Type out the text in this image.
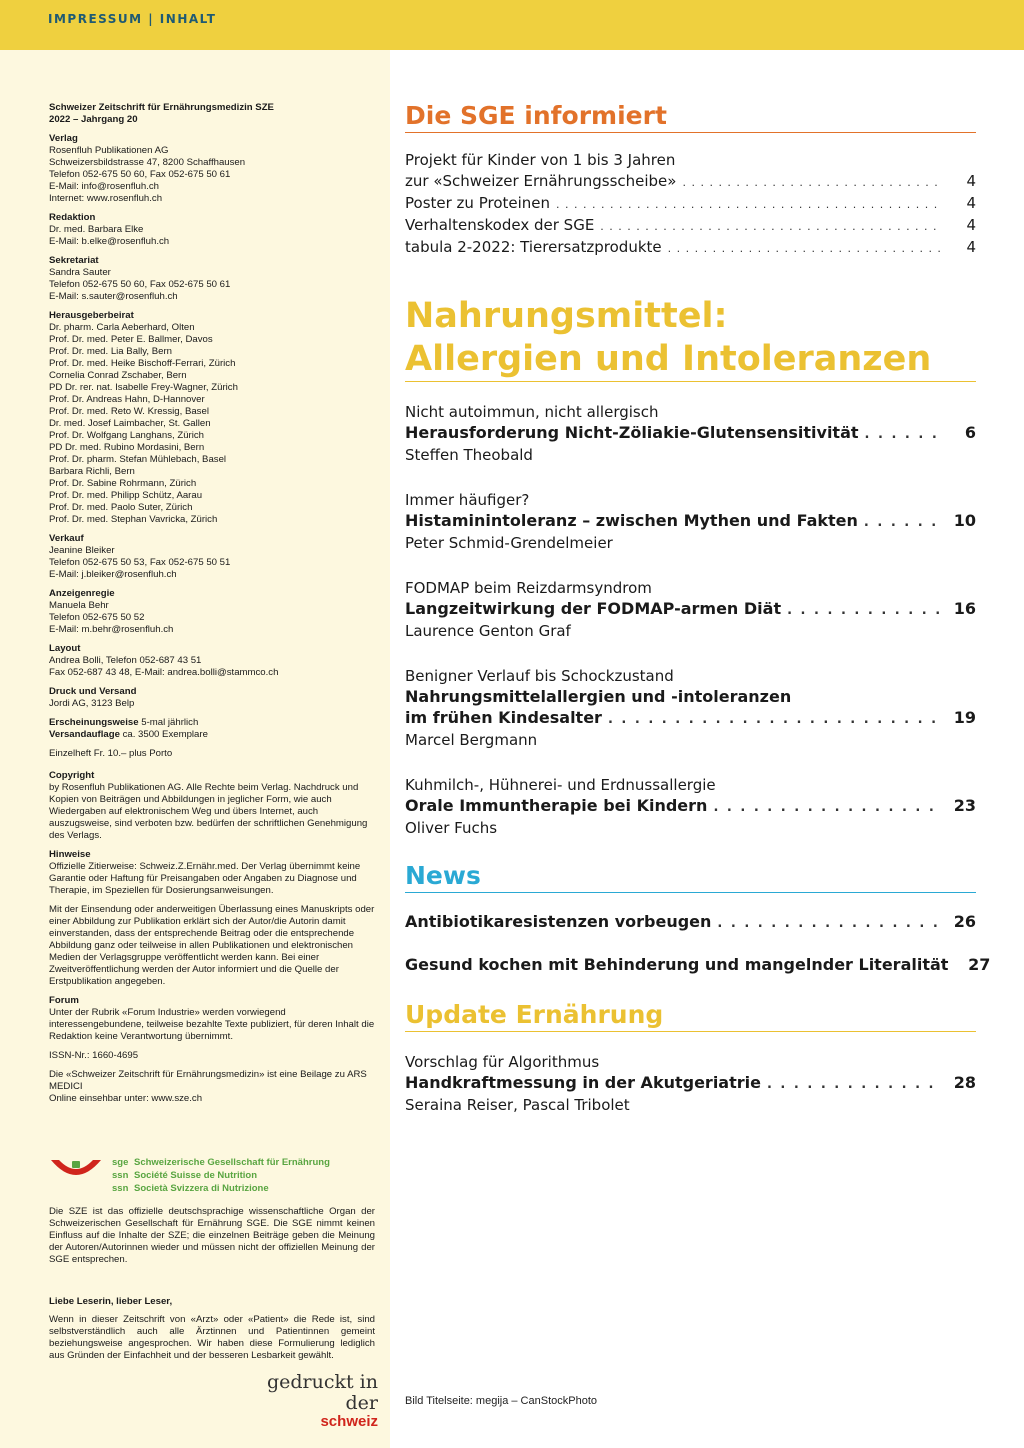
IMPRESSUM | INHALT
Schweizer Zeitschrift für Ernährungsmedizin SZE
2022 – Jahrgang 20
Verlag
Rosenfluh Publikationen AG
Schweizersbildstrasse 47, 8200 Schaffhausen
Telefon 052-675 50 60, Fax 052-675 50 61
E-Mail: info@rosenfluh.ch
Internet: www.rosenfluh.ch
Redaktion
Dr. med. Barbara Elke
E-Mail: b.elke@rosenfluh.ch
Sekretariat
Sandra Sauter
Telefon 052-675 50 60, Fax 052-675 50 61
E-Mail: s.sauter@rosenfluh.ch
Herausgeberbeirat
Dr. pharm. Carla Aeberhard, Olten
Prof. Dr. med. Peter E. Ballmer, Davos
Prof. Dr. med. Lia Bally, Bern
Prof. Dr. med. Heike Bischoff-Ferrari, Zürich
Cornelia Conrad Zschaber, Bern
PD Dr. rer. nat. Isabelle Frey-Wagner, Zürich
Prof. Dr. Andreas Hahn, D-Hannover
Prof. Dr. med. Reto W. Kressig, Basel
Dr. med. Josef Laimbacher, St. Gallen
Prof. Dr. Wolfgang Langhans, Zürich
PD Dr. med. Rubino Mordasini, Bern
Prof. Dr. pharm. Stefan Mühlebach, Basel
Barbara Richli, Bern
Prof. Dr. Sabine Rohrmann, Zürich
Prof. Dr. med. Philipp Schütz, Aarau
Prof. Dr. med. Paolo Suter, Zürich
Prof. Dr. med. Stephan Vavricka, Zürich
Verkauf
Jeanine Bleiker
Telefon 052-675 50 53, Fax 052-675 50 51
E-Mail: j.bleiker@rosenfluh.ch
Anzeigenregie
Manuela Behr
Telefon 052-675 50 52
E-Mail: m.behr@rosenfluh.ch
Layout
Andrea Bolli, Telefon 052-687 43 51
Fax 052-687 43 48, E-Mail: andrea.bolli@stammco.ch
Druck und Versand
Jordi AG, 3123 Belp
Erscheinungsweise 5-mal jährlich
Versandauflage ca. 3500 Exemplare
Einzelheft Fr. 10.– plus Porto
Copyright
by Rosenfluh Publikationen AG. Alle Rechte beim Verlag. Nachdruck und Kopien von Beiträgen und Abbildungen in jeglicher Form, wie auch Wiedergaben auf elektronischem Weg und übers Internet, auch auszugsweise, sind verboten bzw. bedürfen der schriftlichen Genehmigung des Verlags.
Hinweise
Offizielle Zitierweise: Schweiz.Z.Ernähr.med. Der Verlag übernimmt keine Garantie oder Haftung für Preisangaben oder Angaben zu Diagnose und Therapie, im Speziellen für Dosierungsanweisungen.
Mit der Einsendung oder anderweitigen Überlassung eines Manuskripts oder einer Abbildung zur Publikation erklärt sich der Autor/die Autorin damit einverstanden, dass der entsprechende Beitrag oder die entsprechende Abbildung ganz oder teilweise in allen Publikationen und elektronischen Medien der Verlagsgruppe veröffentlicht werden kann. Bei einer Zweitveröffentlichung werden der Autor informiert und die Quelle der Erstpublikation angegeben.
Forum
Unter der Rubrik «Forum Industrie» werden vorwiegend interessengebundene, teilweise bezahlte Texte publiziert, für deren Inhalt die Redaktion keine Verantwortung übernimmt.
ISSN-Nr.: 1660-4695
Die «Schweizer Zeitschrift für Ernährungsmedizin» ist eine Beilage zu ARS MEDICI
Online einsehbar unter: www.sze.ch
sge Schweizerische Gesellschaft für Ernährung
ssn Société Suisse de Nutrition
ssn Società Svizzera di Nutrizione
Die SZE ist das offizielle deutschsprachige wissenschaftliche Organ der Schweizerischen Gesellschaft für Ernährung SGE. Die SGE nimmt keinen Einfluss auf die Inhalte der SZE; die einzelnen Beiträge geben die Meinung der Autoren/Autorinnen wieder und müssen nicht der offiziellen Meinung der SGE entsprechen.
Liebe Leserin, lieber Leser,
Wenn in dieser Zeitschrift von «Arzt» oder «Patient» die Rede ist, sind selbstverständlich auch alle Ärztinnen und Patientinnen gemeint beziehungsweise angesprochen. Wir haben diese Formulierung lediglich aus Gründen der Einfachheit und der besseren Lesbarkeit gewählt.
gedruckt in der
schweiz
Die SGE informiert
Projekt für Kinder von 1 bis 3 Jahren
zur «Schweizer Ernährungsscheibe» . . .	4
Poster zu Proteinen . . .	4
Verhaltenskodex der SGE . . .	4
tabula 2-2022: Tierersatzprodukte . . .	4
Nahrungsmittel:
Allergien und Intoleranzen
Nicht autoimmun, nicht allergisch
Herausforderung Nicht-Zöliakie-Glutensensitivität . . .	6
Steffen Theobald
Immer häufiger?
Histaminintoleranz – zwischen Mythen und Fakten . . .	10
Peter Schmid-Grendelmeier
FODMAP beim Reizdarmsyndrom
Langzeitwirkung der FODMAP-armen Diät . . .	16
Laurence Genton Graf
Benigner Verlauf bis Schockzustand
Nahrungsmittelallergien und -intoleranzen
im frühen Kindesalter . . .	19
Marcel Bergmann
Kuhmilch-, Hühnerei- und Erdnussallergie
Orale Immuntherapie bei Kindern . . .	23
Oliver Fuchs
News
Antibiotikaresistenzen vorbeugen . . .	26
Gesund kochen mit Behinderung und mangelnder Literalität	27
Update Ernährung
Vorschlag für Algorithmus
Handkraftmessung in der Akutgeriatrie . . .	28
Seraina Reiser, Pascal Tribolet
Bild Titelseite: megija – CanStockPhoto
